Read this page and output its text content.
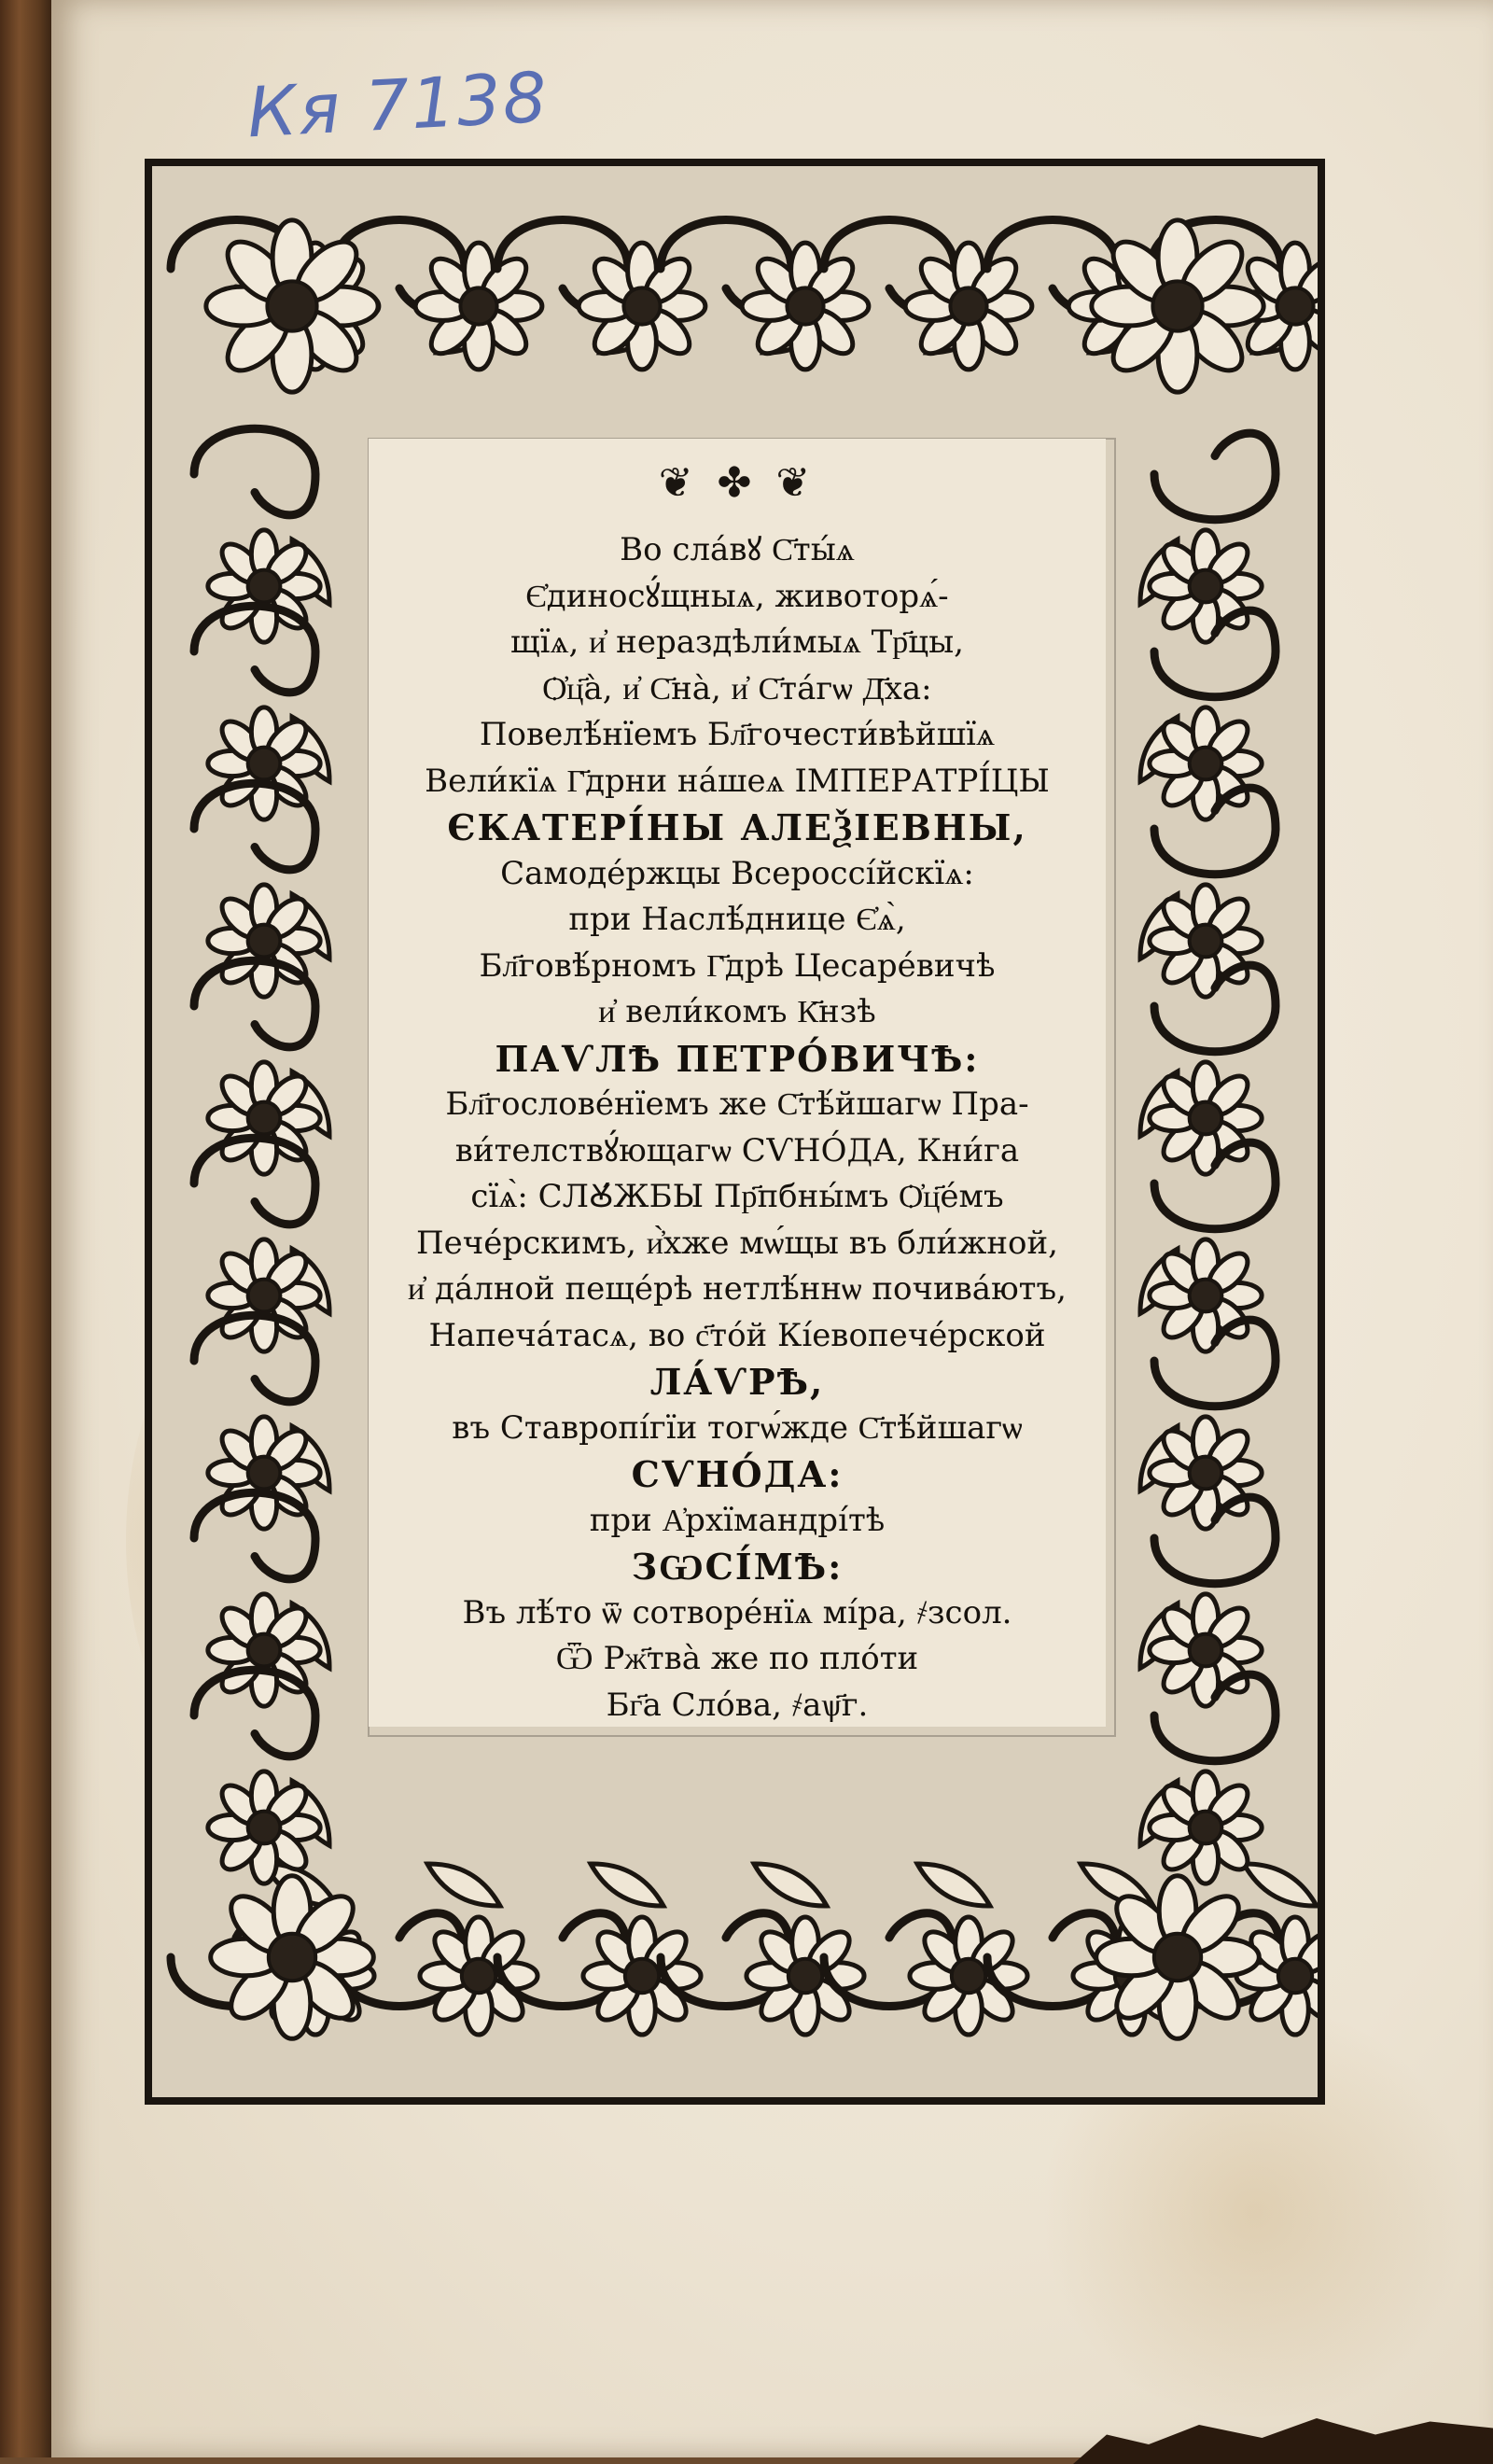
Кя 7138
❦ ✤ ❦
Во сла́вꙋ С҃ты́ѧ
Є҆диносꙋ́щныѧ, животорѧ́-
щїѧ, и҆ нераздѣли́мыѧ Тр҃цы,
Ѻ҆ц҃а̀, и҆ С҃на̀, и҆ С҃та́гѡ Д҃ха:
Повелѣ́нїемъ Бл҃гочести́вѣйшїѧ
Вели́кїѧ Г҃дрни на́шеѧ ІМПЕРАТРІ́ЦЫ
ЄКАТЕРІ́НЫ АЛЕѮІЕВНЫ,
Самоде́ржцы Всероссі́йскїѧ:
при Наслѣ́днице Є҆ѧ̀,
Бл҃говѣ́рномъ Г҃дрѣ Цесаре́вичѣ
и҆ вели́комъ К҃нзѣ
ПАѴЛѢ ПЕТРО́ВИЧѢ:
Бл҃гослове́нїемъ же С҃тѣ́йшагѡ Пра-
ви́телствꙋ́ющагѡ СѴНО́ДА, Кни́га
сїѧ̀: СЛꙊ́ЖБЫ Пр҃пбны́мъ Ѻ҆ц҃е́мъ
Пече́рскимъ, и҆̀хже мѡ́щы въ бли́жной,
и҆ да́лной пеще́рѣ нетлѣ́ннѡ почива́ютъ,
Напеча́тасѧ, во с҃то́й Кі́евопече́рской
ЛА́ѴРѢ,
въ Ставропі́гїи тогѡ́жде С҃тѣ́йшагѡ
СѴНО́ДА:
при А҆рхїмандрі́тѣ
ЗѠСІ́МѢ:
Въ лѣ́то ѿ сотворе́нїѧ мі́ра, ҂зсол.
Ѿ Рж҃тва̀ же по пло́ти
Бг҃а Сло́ва, ҂аѱ҃г.
